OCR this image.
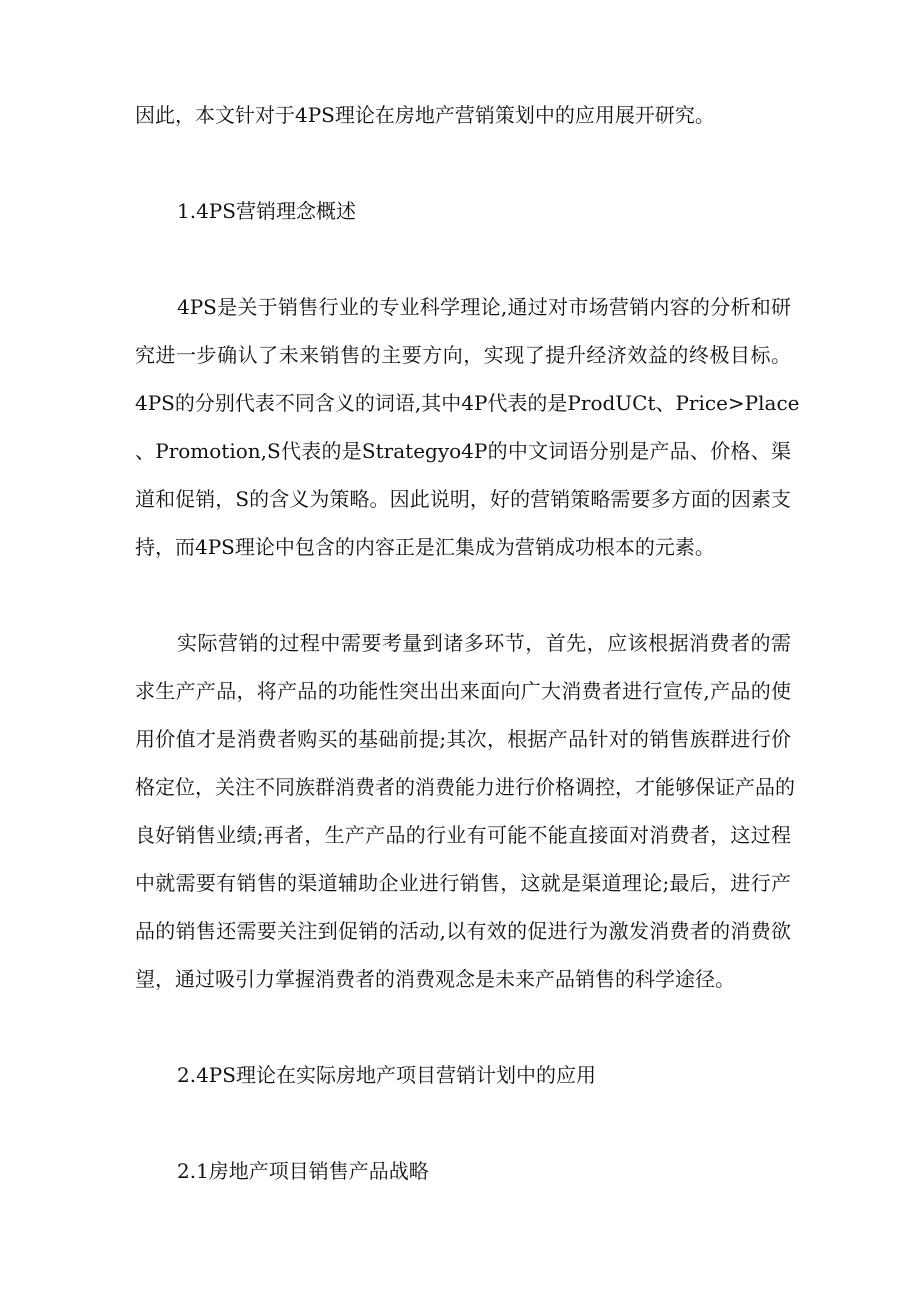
因此，本文针对于4PS理论在房地产营销策划中的应用展开研究。
1.4PS营销理念概述
4PS是关于销售行业的专业科学理论,通过对市场营销内容的分析和研
究进一步确认了未来销售的主要方向，实现了提升经济效益的终极目标。
4PS的分别代表不同含义的词语,其中4P代表的是ProdUCt、Price>Place
、Promotion,S代表的是Strategyo4P的中文词语分别是产品、价格、渠
道和促销，S的含义为策略。因此说明，好的营销策略需要多方面的因素支
持，而4PS理论中包含的内容正是汇集成为营销成功根本的元素。
实际营销的过程中需要考量到诸多环节，首先，应该根据消费者的需
求生产产品，将产品的功能性突出出来面向广大消费者进行宣传,产品的使
用价值才是消费者购买的基础前提;其次，根据产品针对的销售族群进行价
格定位，关注不同族群消费者的消费能力进行价格调控，才能够保证产品的
良好销售业绩;再者，生产产品的行业有可能不能直接面对消费者，这过程
中就需要有销售的渠道辅助企业进行销售，这就是渠道理论;最后，进行产
品的销售还需要关注到促销的活动,以有效的促进行为激发消费者的消费欲
望，通过吸引力掌握消费者的消费观念是未来产品销售的科学途径。
2.4PS理论在实际房地产项目营销计划中的应用
2.1房地产项目销售产品战略
